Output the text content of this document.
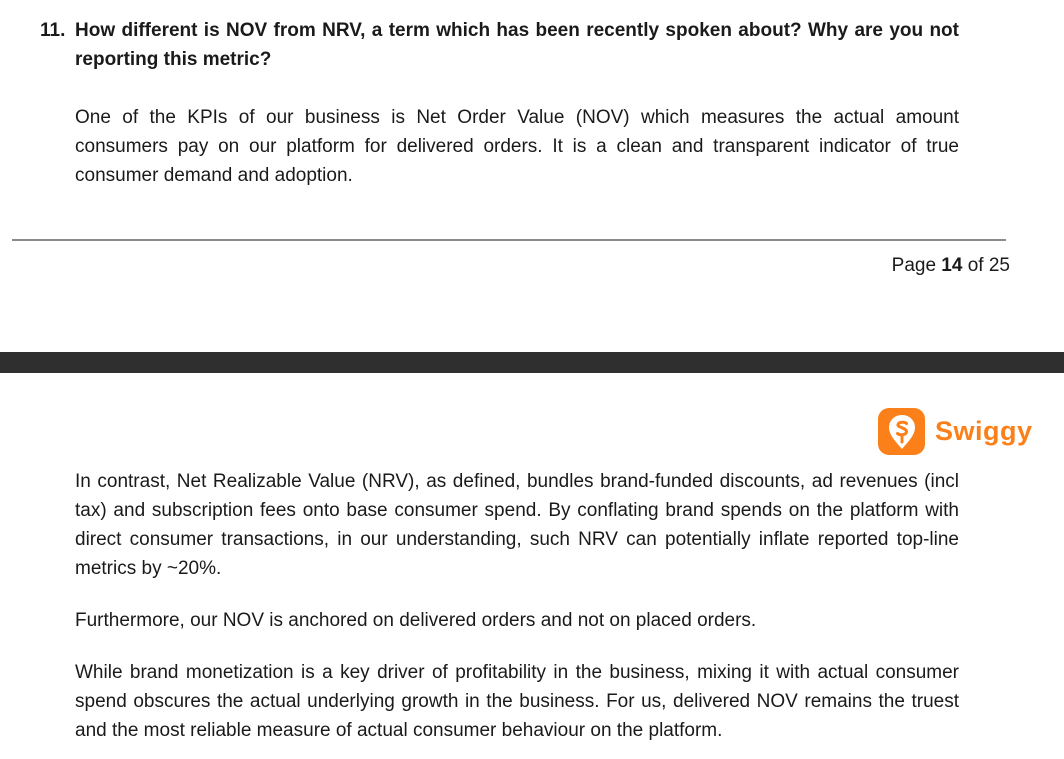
11. How different is NOV from NRV, a term which has been recently spoken about? Why are you not reporting this metric?
One of the KPIs of our business is Net Order Value (NOV) which measures the actual amount consumers pay on our platform for delivered orders. It is a clean and transparent indicator of true consumer demand and adoption.
Page 14 of 25
Swiggy
In contrast, Net Realizable Value (NRV), as defined, bundles brand-funded discounts, ad revenues (incl tax) and subscription fees onto base consumer spend. By conflating brand spends on the platform with direct consumer transactions, in our understanding, such NRV can potentially inflate reported top-line metrics by ~20%.
Furthermore, our NOV is anchored on delivered orders and not on placed orders.
While brand monetization is a key driver of profitability in the business, mixing it with actual consumer spend obscures the actual underlying growth in the business. For us, delivered NOV remains the truest and the most reliable measure of actual consumer behaviour on the platform.
